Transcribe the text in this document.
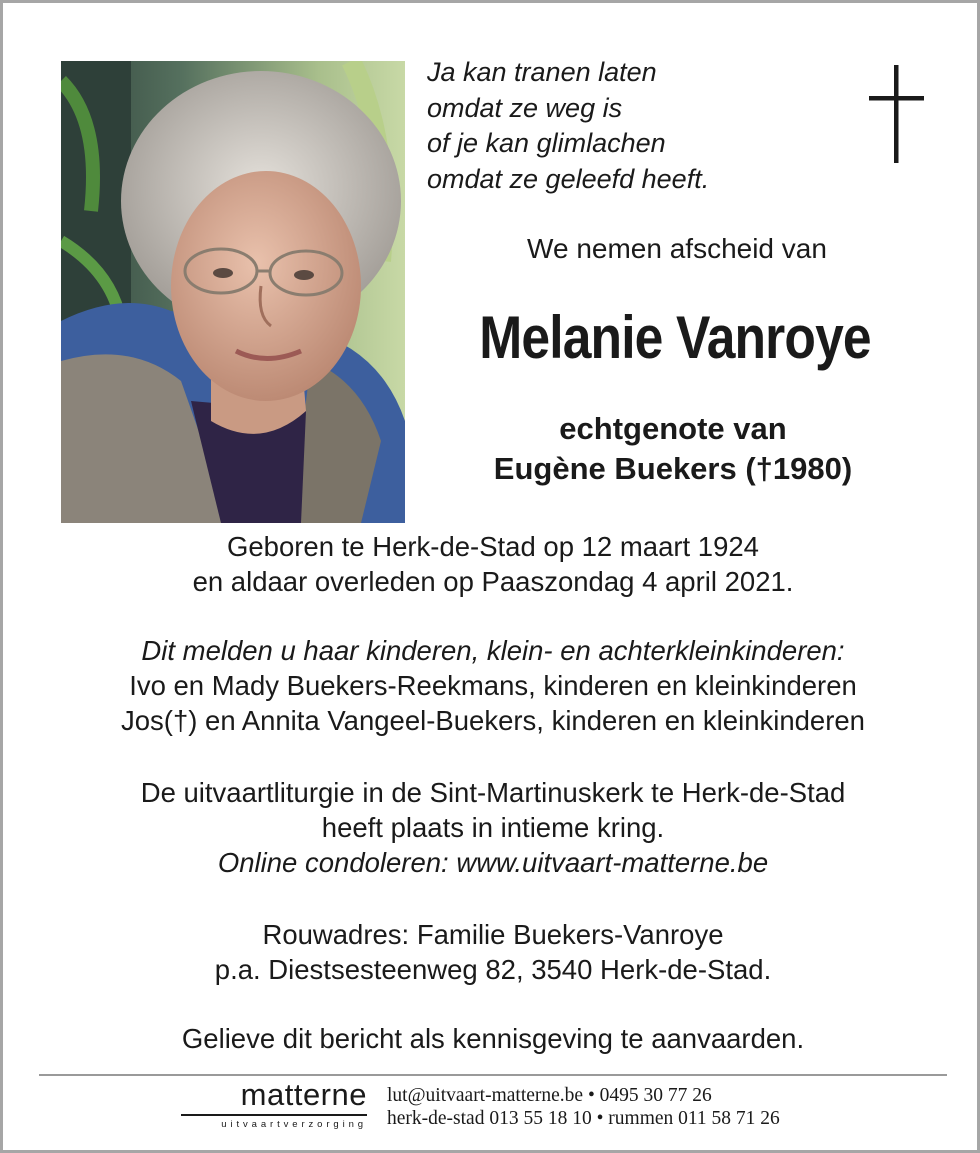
Ja kan tranen laten
omdat ze weg is
of je kan glimlachen
omdat ze geleefd heeft.
We nemen afscheid van
Melanie Vanroye
echtgenote van
Eugène Buekers (†1980)
Geboren te Herk-de-Stad op 12 maart 1924
en aldaar overleden op Paaszondag 4 april 2021.
Dit melden u haar kinderen, klein- en achterkleinkinderen:
Ivo en Mady Buekers-Reekmans, kinderen en kleinkinderen
Jos(†) en Annita Vangeel-Buekers, kinderen en kleinkinderen
De uitvaartliturgie in de Sint-Martinuskerk te Herk-de-Stad
heeft plaats in intieme kring.
Online condoleren: www.uitvaart-matterne.be
Rouwadres: Familie Buekers-Vanroye
p.a. Diestsesteenweg 82, 3540 Herk-de-Stad.
Gelieve dit bericht als kennisgeving te aanvaarden.
matterne
uitvaartverzorging
lut@uitvaart-matterne.be • 0495 30 77 26
herk-de-stad 013 55 18 10 • rummen 011 58 71 26
